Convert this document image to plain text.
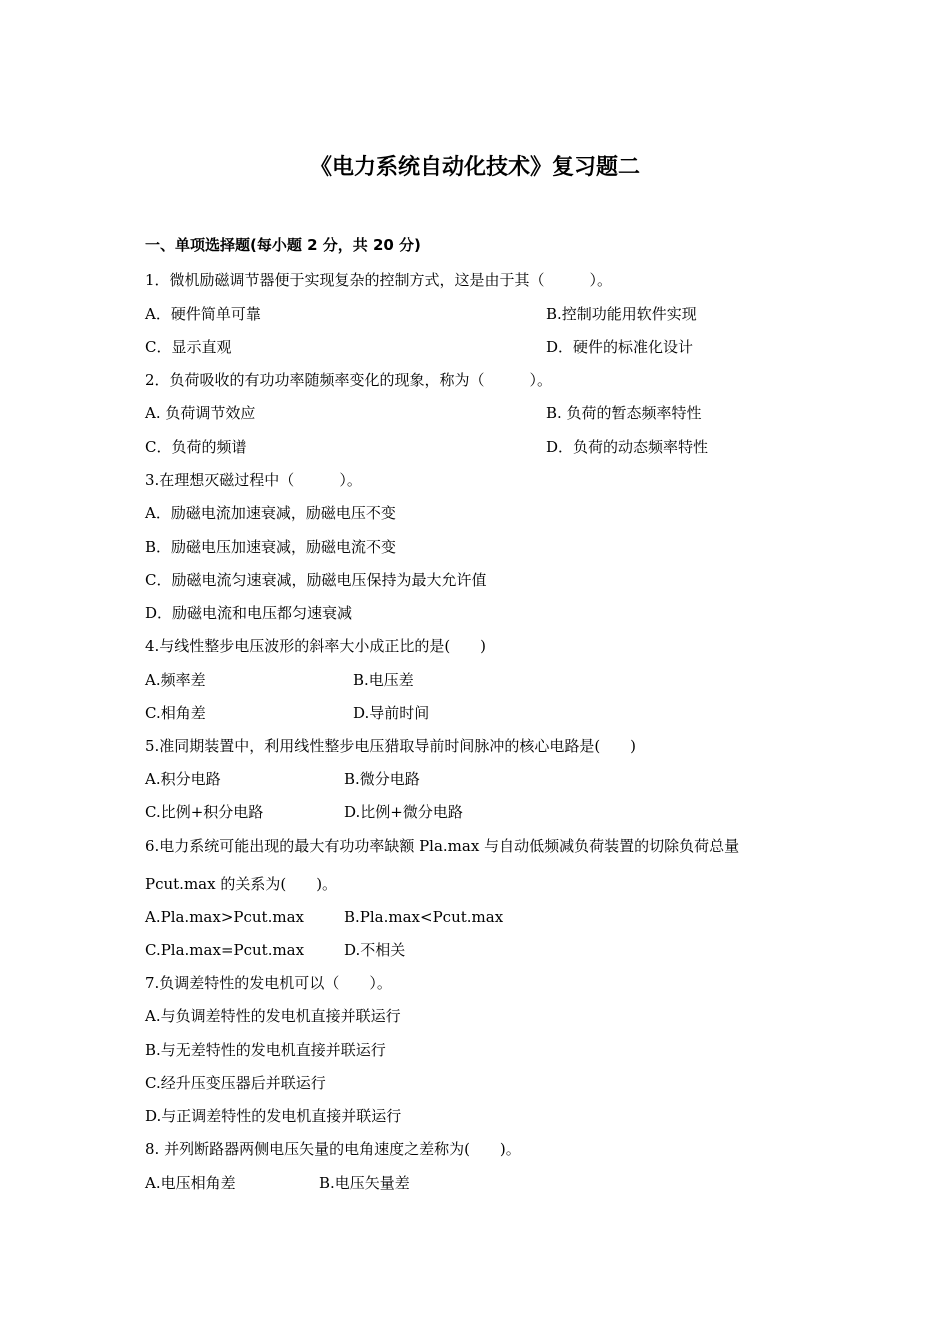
《电力系统自动化技术》复习题二
一、单项选择题(每小题 2 分，共 20 分)
1．微机励磁调节器便于实现复杂的控制方式，这是由于其（　　　）。
A．硬件简单可靠	B.控制功能用软件实现
C．显示直观	D．硬件的标准化设计
2．负荷吸收的有功功率随频率变化的现象，称为（　　　）。
A. 负荷调节效应	B. 负荷的暂态频率特性
C．负荷的频谱	D．负荷的动态频率特性
3.在理想灭磁过程中（　　　）。
A．励磁电流加速衰减，励磁电压不变
B．励磁电压加速衰减，励磁电流不变
C．励磁电流匀速衰减，励磁电压保持为最大允许值
D．励磁电流和电压都匀速衰减
4.与线性整步电压波形的斜率大小成正比的是(　　)
A.频率差	B.电压差
C.相角差	D.导前时间
5.准同期装置中，利用线性整步电压猎取导前时间脉冲的核心电路是(　　)
A.积分电路	B.微分电路
C.比例+积分电路	D.比例+微分电路
6.电力系统可能出现的最大有功功率缺额 Pla.max 与自动低频减负荷装置的切除负荷总量
Pcut.max 的关系为(　　)。
A.Pla.max>Pcut.max	B.Pla.max<Pcut.max
C.Pla.max=Pcut.max	D.不相关
7.负调差特性的发电机可以（　　）。
A.与负调差特性的发电机直接并联运行
B.与无差特性的发电机直接并联运行
C.经升压变压器后并联运行
D.与正调差特性的发电机直接并联运行
8. 并列断路器两侧电压矢量的电角速度之差称为(　　)。
A.电压相角差	B.电压矢量差
